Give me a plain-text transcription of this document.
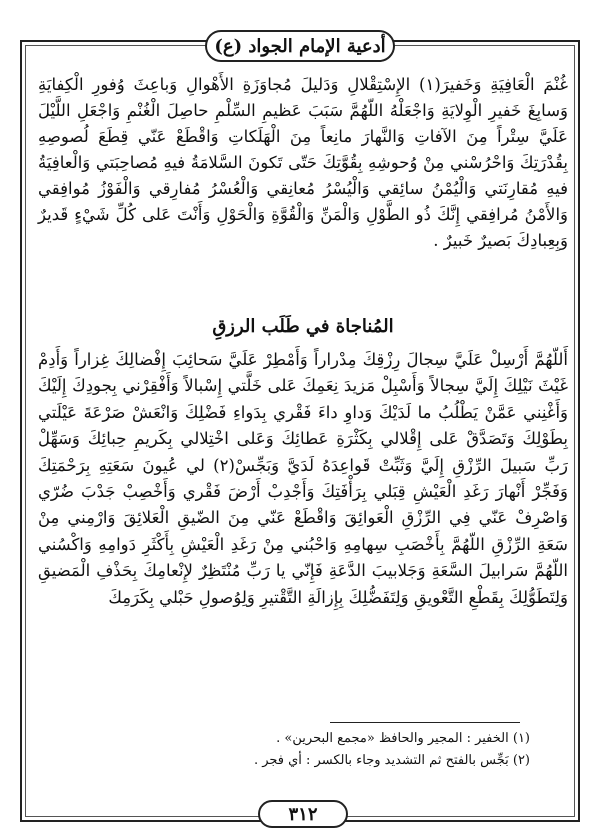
أدعية الإمام الجواد (ع)
غُنْمَ الْعَافِيَةِ وَخَفيرَ(١) الإِسْتِقْلالِ وَدَليلَ مُجاوَزَةِ الأَهْوالِ وَباعِثَ وُفورِ الْكِفايَةِ وَسابِغَ خَفيرِ الْوِلايَةِ وَاجْعَلْهُ اللّهُمَّ سَبَبَ عَظيمِ السِّلْمِ حاصِلَ الْغُنْمِ وَاجْعَلِ اللَّيْلَ عَلَيَّ سِتْراً مِنَ الآفاتِ وَالنَّهارَ مانِعاً مِنَ الْهَلَكاتِ وَاقْطَعْ عَنّي قِطَعَ لُصوصِهِ بِقُدْرَتِكَ وَاحْرُسْني مِنْ وُحوشِهِ بِقُوَّتِكَ حَتّى تَكونَ السَّلامَةُ فيهِ مُصاحِبَتي وَالْعافِيَةُ فيهِ مُقارِنَتي وَالْيُمْنُ سائِقي وَالْيُسْرُ مُعانِقي وَالْعُسْرُ مُفارِقي وَالْفَوْزُ مُوافِقي وَالأَمْنُ مُرافِقي إِنَّكَ ذُو الطَّوْلِ وَالْمَنِّ وَالْقُوَّةِ وَالْحَوْلِ وَأَنْتَ عَلى كُلِّ شَيْءٍ قَديرٌ وَبِعِبادِكَ بَصيرٌ خَبيرٌ .
المُناجاة في طَلَب الرزقِ
أَللّهُمَّ أَرْسِلْ عَلَيَّ سِجالَ رِزْقِكَ مِدْراراً وَأَمْطِرْ عَلَيَّ سَحائِبَ إِفْضالِكَ غِزاراً وَأَدِمْ غَيْثَ نَيْلِكَ إِلَيَّ سِجالاً وَأَسْبِلْ مَزيدَ نِعَمِكَ عَلى خَلَّتي إِسْبالاً وَأَفْقِرْني بِجودِكَ إِلَيْكَ وَأَغْنِني عَمَّنْ يَطْلُبُ ما لَدَيْكَ وَداوِ داءَ فَقْري بِدَواءِ فَضْلِكَ وَانْعَشْ صَرْعَةَ عَيْلَتي بِطَوْلِكَ وَتَصَدَّقْ عَلى إِقْلالي بِكَثْرَةِ عَطائِكَ وَعَلى اخْتِلالي بِكَريمِ حِبائِكَ وَسَهِّلْ رَبِّ سَبيلَ الرِّزْقِ إِلَيَّ وَثَبِّتْ قَواعِدَهُ لَدَيَّ وَبَجِّسْ(٢) لي عُيونَ سَعَتِهِ بِرَحْمَتِكَ وَفَجِّرْ أَنْهارَ رَغَدِ الْعَيْشِ قِبَلي بِرَأْفَتِكَ وَأَجْدِبْ أَرْضَ فَقْري وَأَخْصِبْ جَدْبَ ضُرّي وَاصْرِفْ عَنّي فِي الرِّزْقِ الْعَوائِقَ وَاقْطَعْ عَنّي مِنَ الضّيقِ الْعَلائِقَ وَارْمِني مِنْ سَعَةِ الرِّزْقِ اللّهُمَّ بِأَخْصَبِ سِهامِهِ وَاحْبُني مِنْ رَغَدِ الْعَيْشِ بِأَكْثَرِ دَوامِهِ وَاكْسُني اللّهُمَّ سَرابيلَ السَّعَةِ وَجَلابيبَ الدَّعَةِ فَإِنّي يا رَبِّ مُنْتَظِرٌ لإِنْعامِكَ بِحَذْفِ الْمَضيقِ وَلِتَطَوُّلِكَ بِقَطْعِ التَّعْويقِ وَلِتَفَضُّلِكَ بِإِزالَةِ التَّقْتيرِ وَلِوُصولِ حَبْلي بِكَرَمِكَ
(١) الخفير : المجير والحافظ «مجمع البحرين» .
(٢) بَجِّس بالفتح ثم التشديد وجاء بالكسر : أي فجر .
٣١٢
